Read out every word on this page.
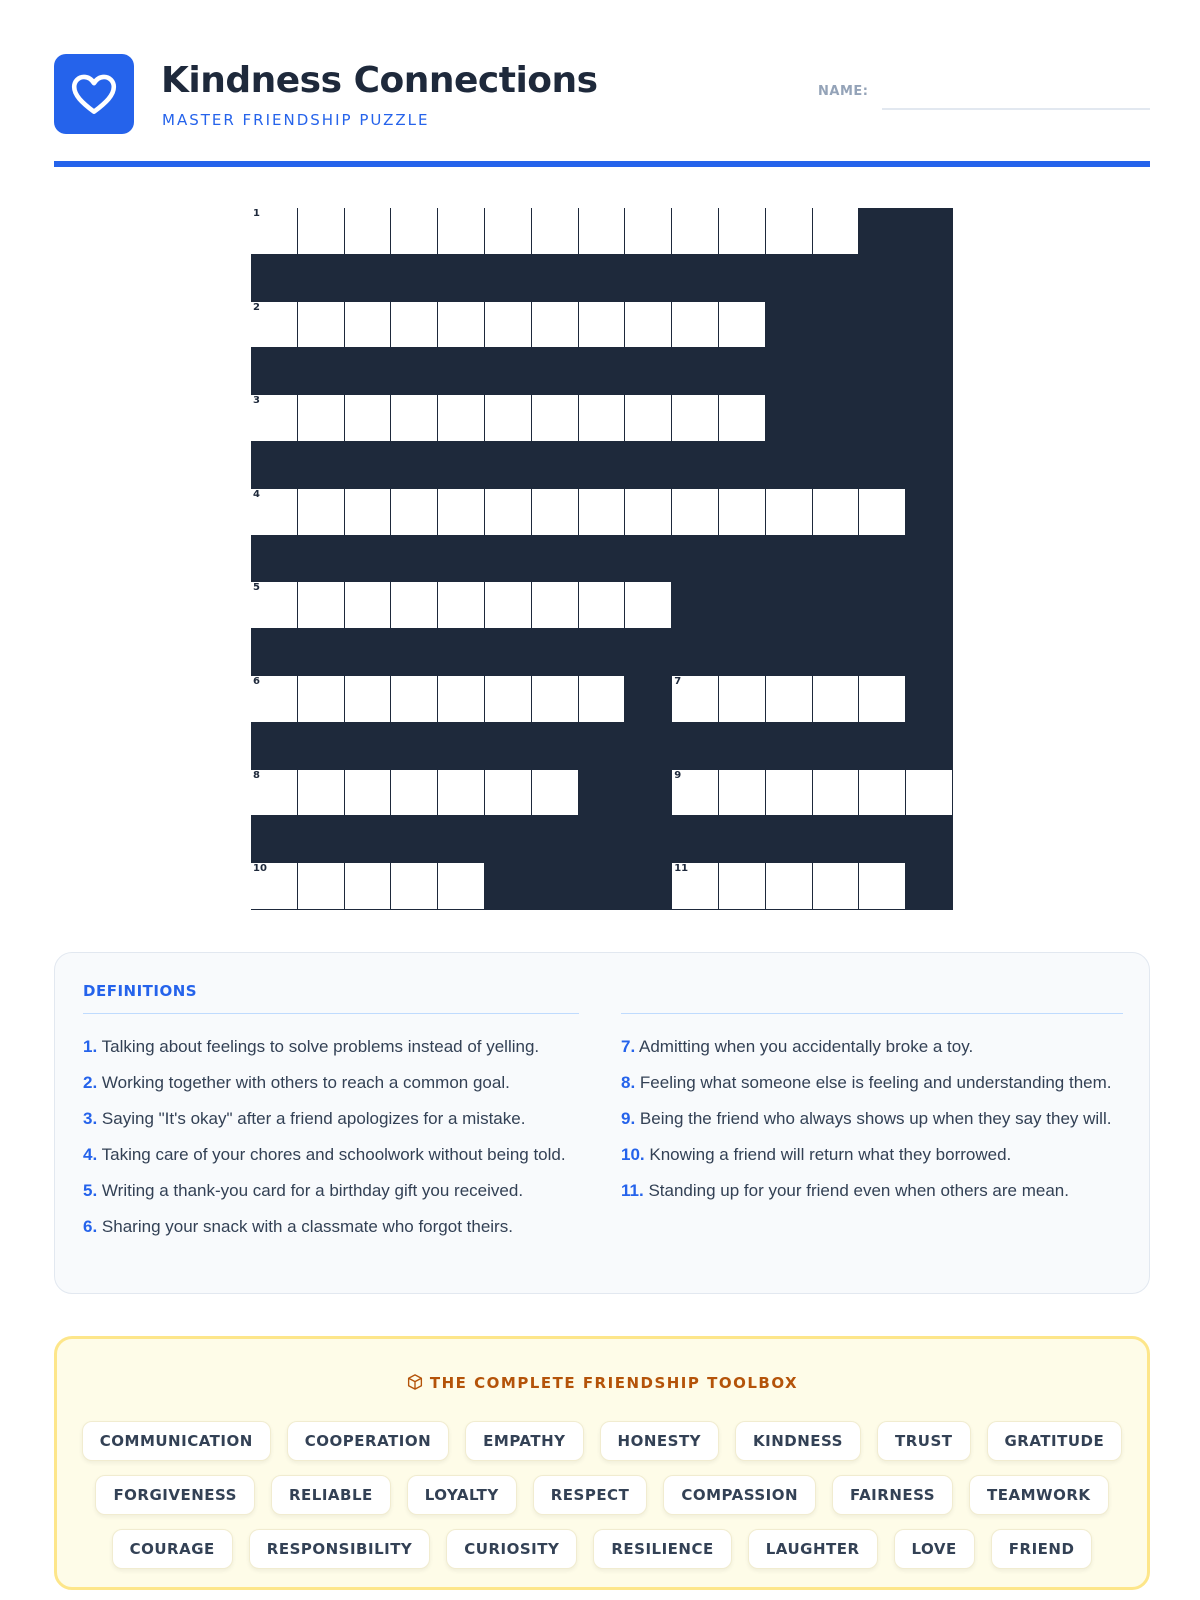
Kindness Connections
MASTER FRIENDSHIP PUZZLE
NAME:
1
2
3
4
5
6	7
8	9
10	11
DEFINITIONS
1. Talking about feelings to solve problems instead of yelling.
2. Working together with others to reach a common goal.
3. Saying "It's okay" after a friend apologizes for a mistake.
4. Taking care of your chores and schoolwork without being told.
5. Writing a thank-you card for a birthday gift you received.
6. Sharing your snack with a classmate who forgot theirs.
7. Admitting when you accidentally broke a toy.
8. Feeling what someone else is feeling and understanding them.
9. Being the friend who always shows up when they say they will.
10. Knowing a friend will return what they borrowed.
11. Standing up for your friend even when others are mean.
THE COMPLETE FRIENDSHIP TOOLBOX
COMMUNICATION	COOPERATION	EMPATHY	HONESTY	KINDNESS	TRUST	GRATITUDE
FORGIVENESS	RELIABLE	LOYALTY	RESPECT	COMPASSION	FAIRNESS	TEAMWORK
COURAGE	RESPONSIBILITY	CURIOSITY	RESILIENCE	LAUGHTER	LOVE	FRIEND
